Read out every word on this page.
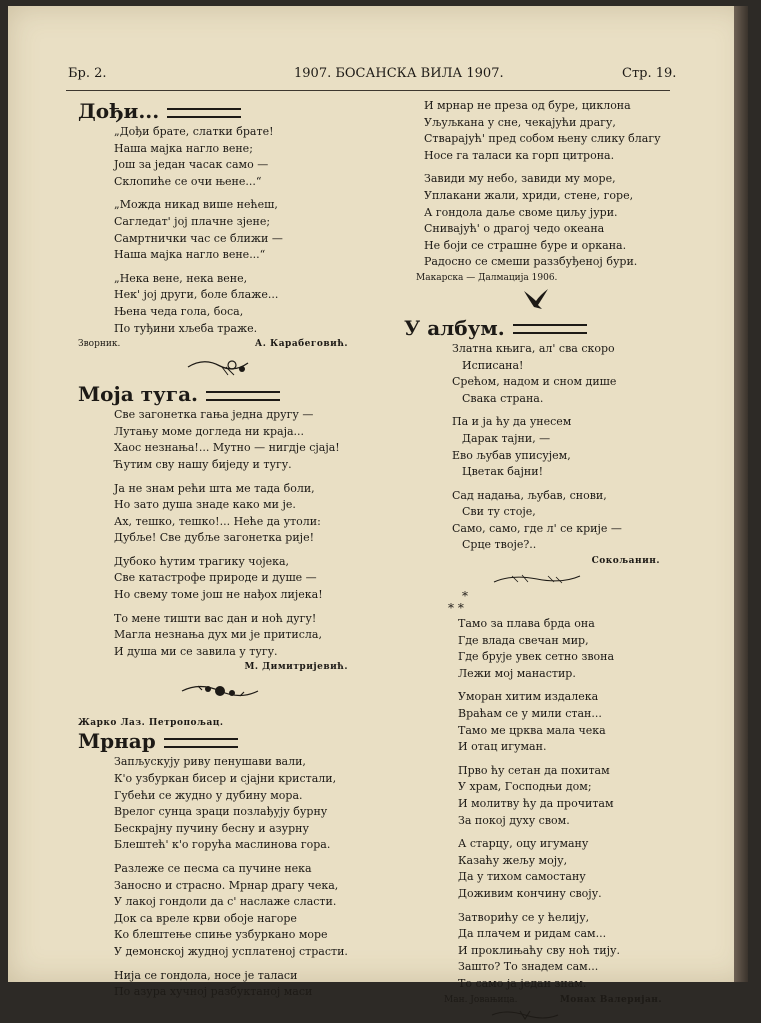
Бр. 2.	1907. БОСАНСКА ВИЛА 1907.	Стр. 19.
Дођи...
„Дођи брате, слатки брате!
Наша мајка нагло вене;
Још за један часак само —
Склопиће се очи њене...“
„Можда никад више нећеш,
Сагледат' јој плачне зјене;
Самртнички час се ближи —
Наша мајка нагло вене...“
„Нека вене, нека вене,
Нек' јој други, боле блаже...
Њена чеда гола, боса,
По туђини хљеба траже.
Зворник.	А. Карабеговић.
Моја туга.
Све загонетка гања једна другу —
Лутању моме догледа ни краја...
Хаос незнања!... Мутно — нигдје сјаја!
Ћутим сву нашу биједу и тугу.
Ја не знам рећи шта ме тада боли,
Но зато душа знаде како ми је.
Ах, тешко, тешко!... Неће да утоли:
Дубље! Све дубље загонетка рије!
Дубоко ћутим трагику чојека,
Све катастрофе природе и душе —
Но свему томе још не нађох лијека!
То мене тишти вас дан и ноћ дугу!
Магла незнања дух ми је притисла,
И душа ми се завила у тугу.
М. Димитријевић.
Жарко Лаз. Петропољац.
Мрнар
Запљускују риву пенушави вали,
К'о узбуркан бисер и сјајни кристали,
Губећи се жудно у дубину мора.
Врелог сунца зраци позлађују бурну
Бескрајну пучину бесну и азурну
Блештећ' к'о горућа маслинова гора.
Разлеже се песма са пучине нека
Заносно и страсно. Мрнар драгу чека,
У лакој гондоли да с' наслаже сласти.
Док са вреле крви обоје нагоре
Ко блештење спиње узбуркано море
У демонској жудној усплатеној страсти.
Нија се гондола, носе је таласи
По азура хучној разбуктаној маси
И мрнар не преза од буре, циклона
Уљуљкана у сне, чекајући драгу,
Стварајућ' пред собом њену слику благу
Носе га таласи ка горп цитрона.
Завиди му небо, завиди му море,
Уплакани жали, хриди, стене, горе,
А гондола даље своме циљу јури.
Снивајућ' о драгој чедо океана
Не боји се страшне буре и оркана.
Радосно се смеши раззбуђеној бури.
Макарска — Далмација 1906.
У албум.
Златна књига, ал' сва скоро
Исписана!
Срећом, надом и сном дише
Свака страна.
Па и ја ћу да унесем
Дарак тајни, —
Ево љубав уписујем,
Цветак бајни!
Сад надања, љубав, снови,
Сви ту стоје,
Само, само, где л' се крије —
Срце твоје?..
Сокољанин.
*
* *
Тамо за плава брда она
Где влада свечан мир,
Где брује увек сетно звона
Лежи мој манастир.
Уморан хитим издалека
Враћам се у мили стан...
Тамо ме црква мала чека
И отац игуман.
Прво ћу сетан да похитам
У храм, Господњи дом;
И молитву ћу да прочитам
За покој духу свом.
А старцу, оцу игуману
Казаћу жељу моју,
Да у тихом самостану
Доживим кончину своју.
Затворићу се у ћелију,
Да плачем и ридам сам...
И проклињаћу сву ноћ тију.
Зашто? То знадем сам...
То само ја један знам.
Ман. Јовањица.	Монах Валеријан.
